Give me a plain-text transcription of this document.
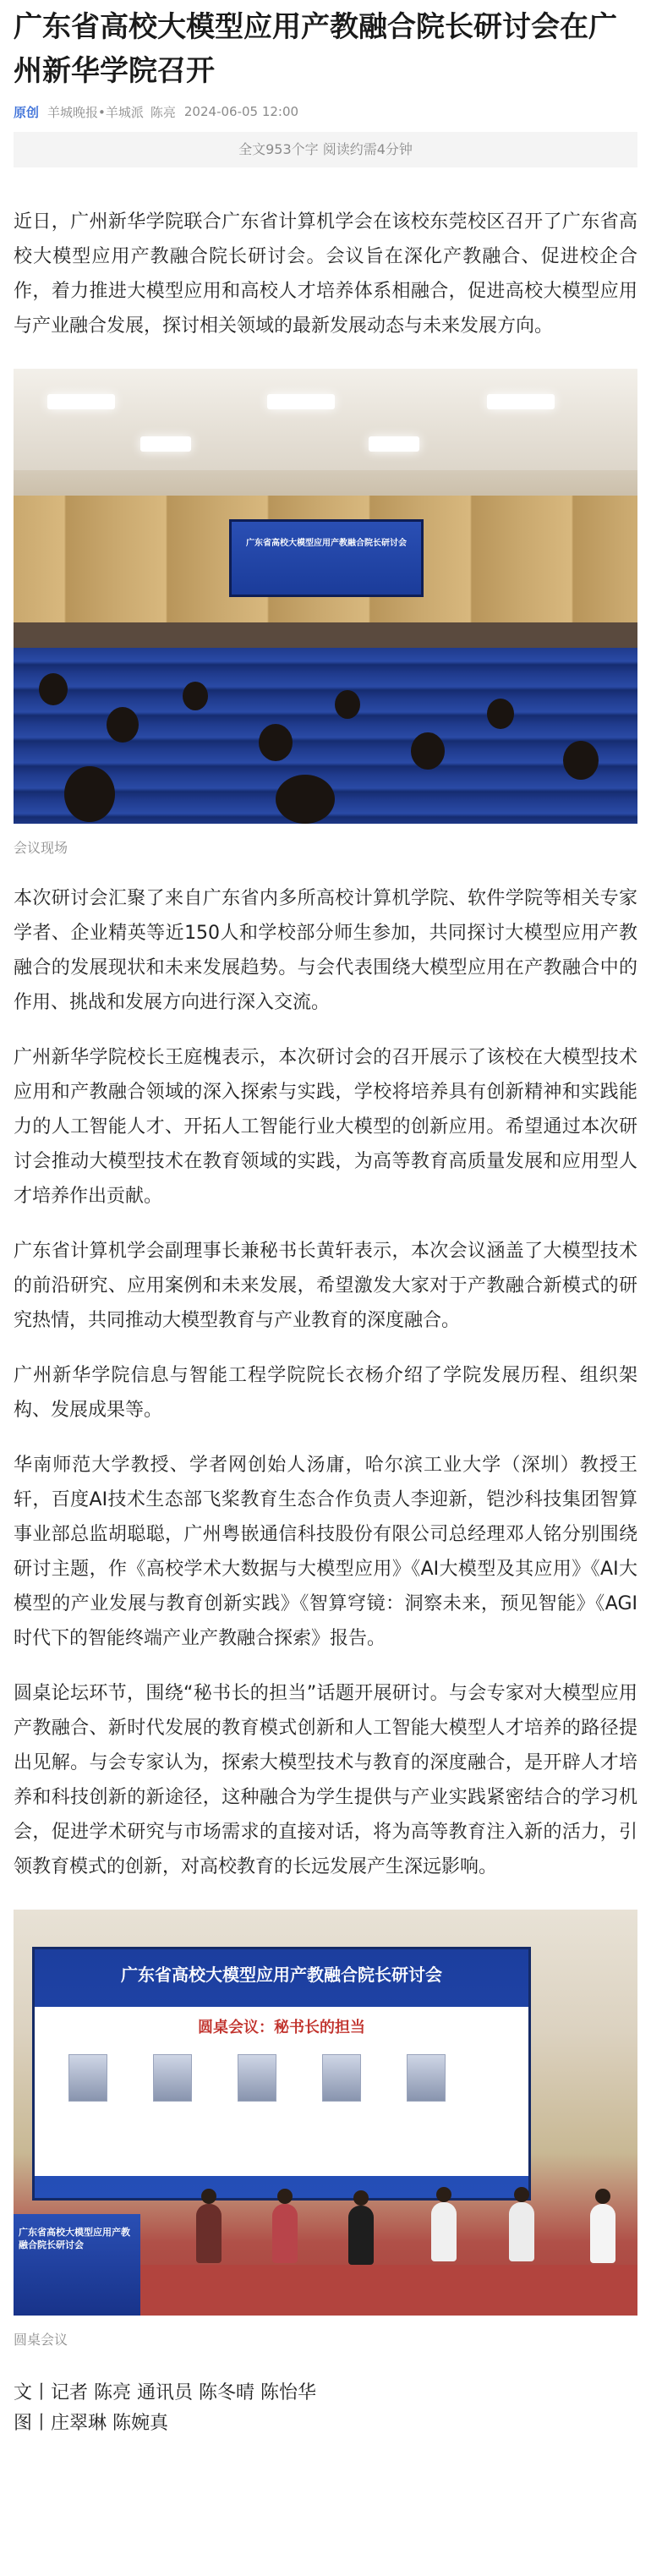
广东省高校大模型应用产教融合院长研讨会在广州新华学院召开
原创 羊城晚报•羊城派 陈亮 2024-06-05 12:00
全文953个字 阅读约需4分钟

近日，广州新华学院联合广东省计算机学会在该校东莞校区召开了广东省高校大模型应用产教融合院长研讨会。会议旨在深化产教融合、促进校企合作，着力推进大模型应用和高校人才培养体系相融合，促进高校大模型应用与产业融合发展，探讨相关领域的最新发展动态与未来发展方向。

广东省高校大模型应用产教融合院长研讨会
会议现场

本次研讨会汇聚了来自广东省内多所高校计算机学院、软件学院等相关专家学者、企业精英等近150人和学校部分师生参加，共同探讨大模型应用产教融合的发展现状和未来发展趋势。与会代表围绕大模型应用在产教融合中的作用、挑战和发展方向进行深入交流。

广州新华学院校长王庭槐表示，本次研讨会的召开展示了该校在大模型技术应用和产教融合领域的深入探索与实践，学校将培养具有创新精神和实践能力的人工智能人才、开拓人工智能行业大模型的创新应用。希望通过本次研讨会推动大模型技术在教育领域的实践，为高等教育高质量发展和应用型人才培养作出贡献。

广东省计算机学会副理事长兼秘书长黄轩表示，本次会议涵盖了大模型技术的前沿研究、应用案例和未来发展，希望激发大家对于产教融合新模式的研究热情，共同推动大模型教育与产业教育的深度融合。

广州新华学院信息与智能工程学院院长衣杨介绍了学院发展历程、组织架构、发展成果等。

华南师范大学教授、学者网创始人汤庸，哈尔滨工业大学（深圳）教授王轩，百度AI技术生态部飞桨教育生态合作负责人李迎新，铠沙科技集团智算事业部总监胡聪聪，广州粤嵌通信科技股份有限公司总经理邓人铭分别围绕研讨主题，作《高校学术大数据与大模型应用》《AI大模型及其应用》《AI大模型的产业发展与教育创新实践》《智算穹镜：洞察未来，预见智能》《AGI时代下的智能终端产业产教融合探索》报告。

圆桌论坛环节，围绕“秘书长的担当”话题开展研讨。与会专家对大模型应用产教融合、新时代发展的教育模式创新和人工智能大模型人才培养的路径提出见解。与会专家认为，探索大模型技术与教育的深度融合，是开辟人才培养和科技创新的新途径，这种融合为学生提供与产业实践紧密结合的学习机会，促进学术研究与市场需求的直接对话，将为高等教育注入新的活力，引领教育模式的创新，对高校教育的长远发展产生深远影响。

广东省高校大模型应用产教融合院长研讨会
圆桌会议：秘书长的担当
广东省高校大模型应用产教融合院长研讨会
圆桌会议
文丨记者 陈亮 通讯员 陈冬晴 陈怡华
图丨庄翠琳 陈婉真
